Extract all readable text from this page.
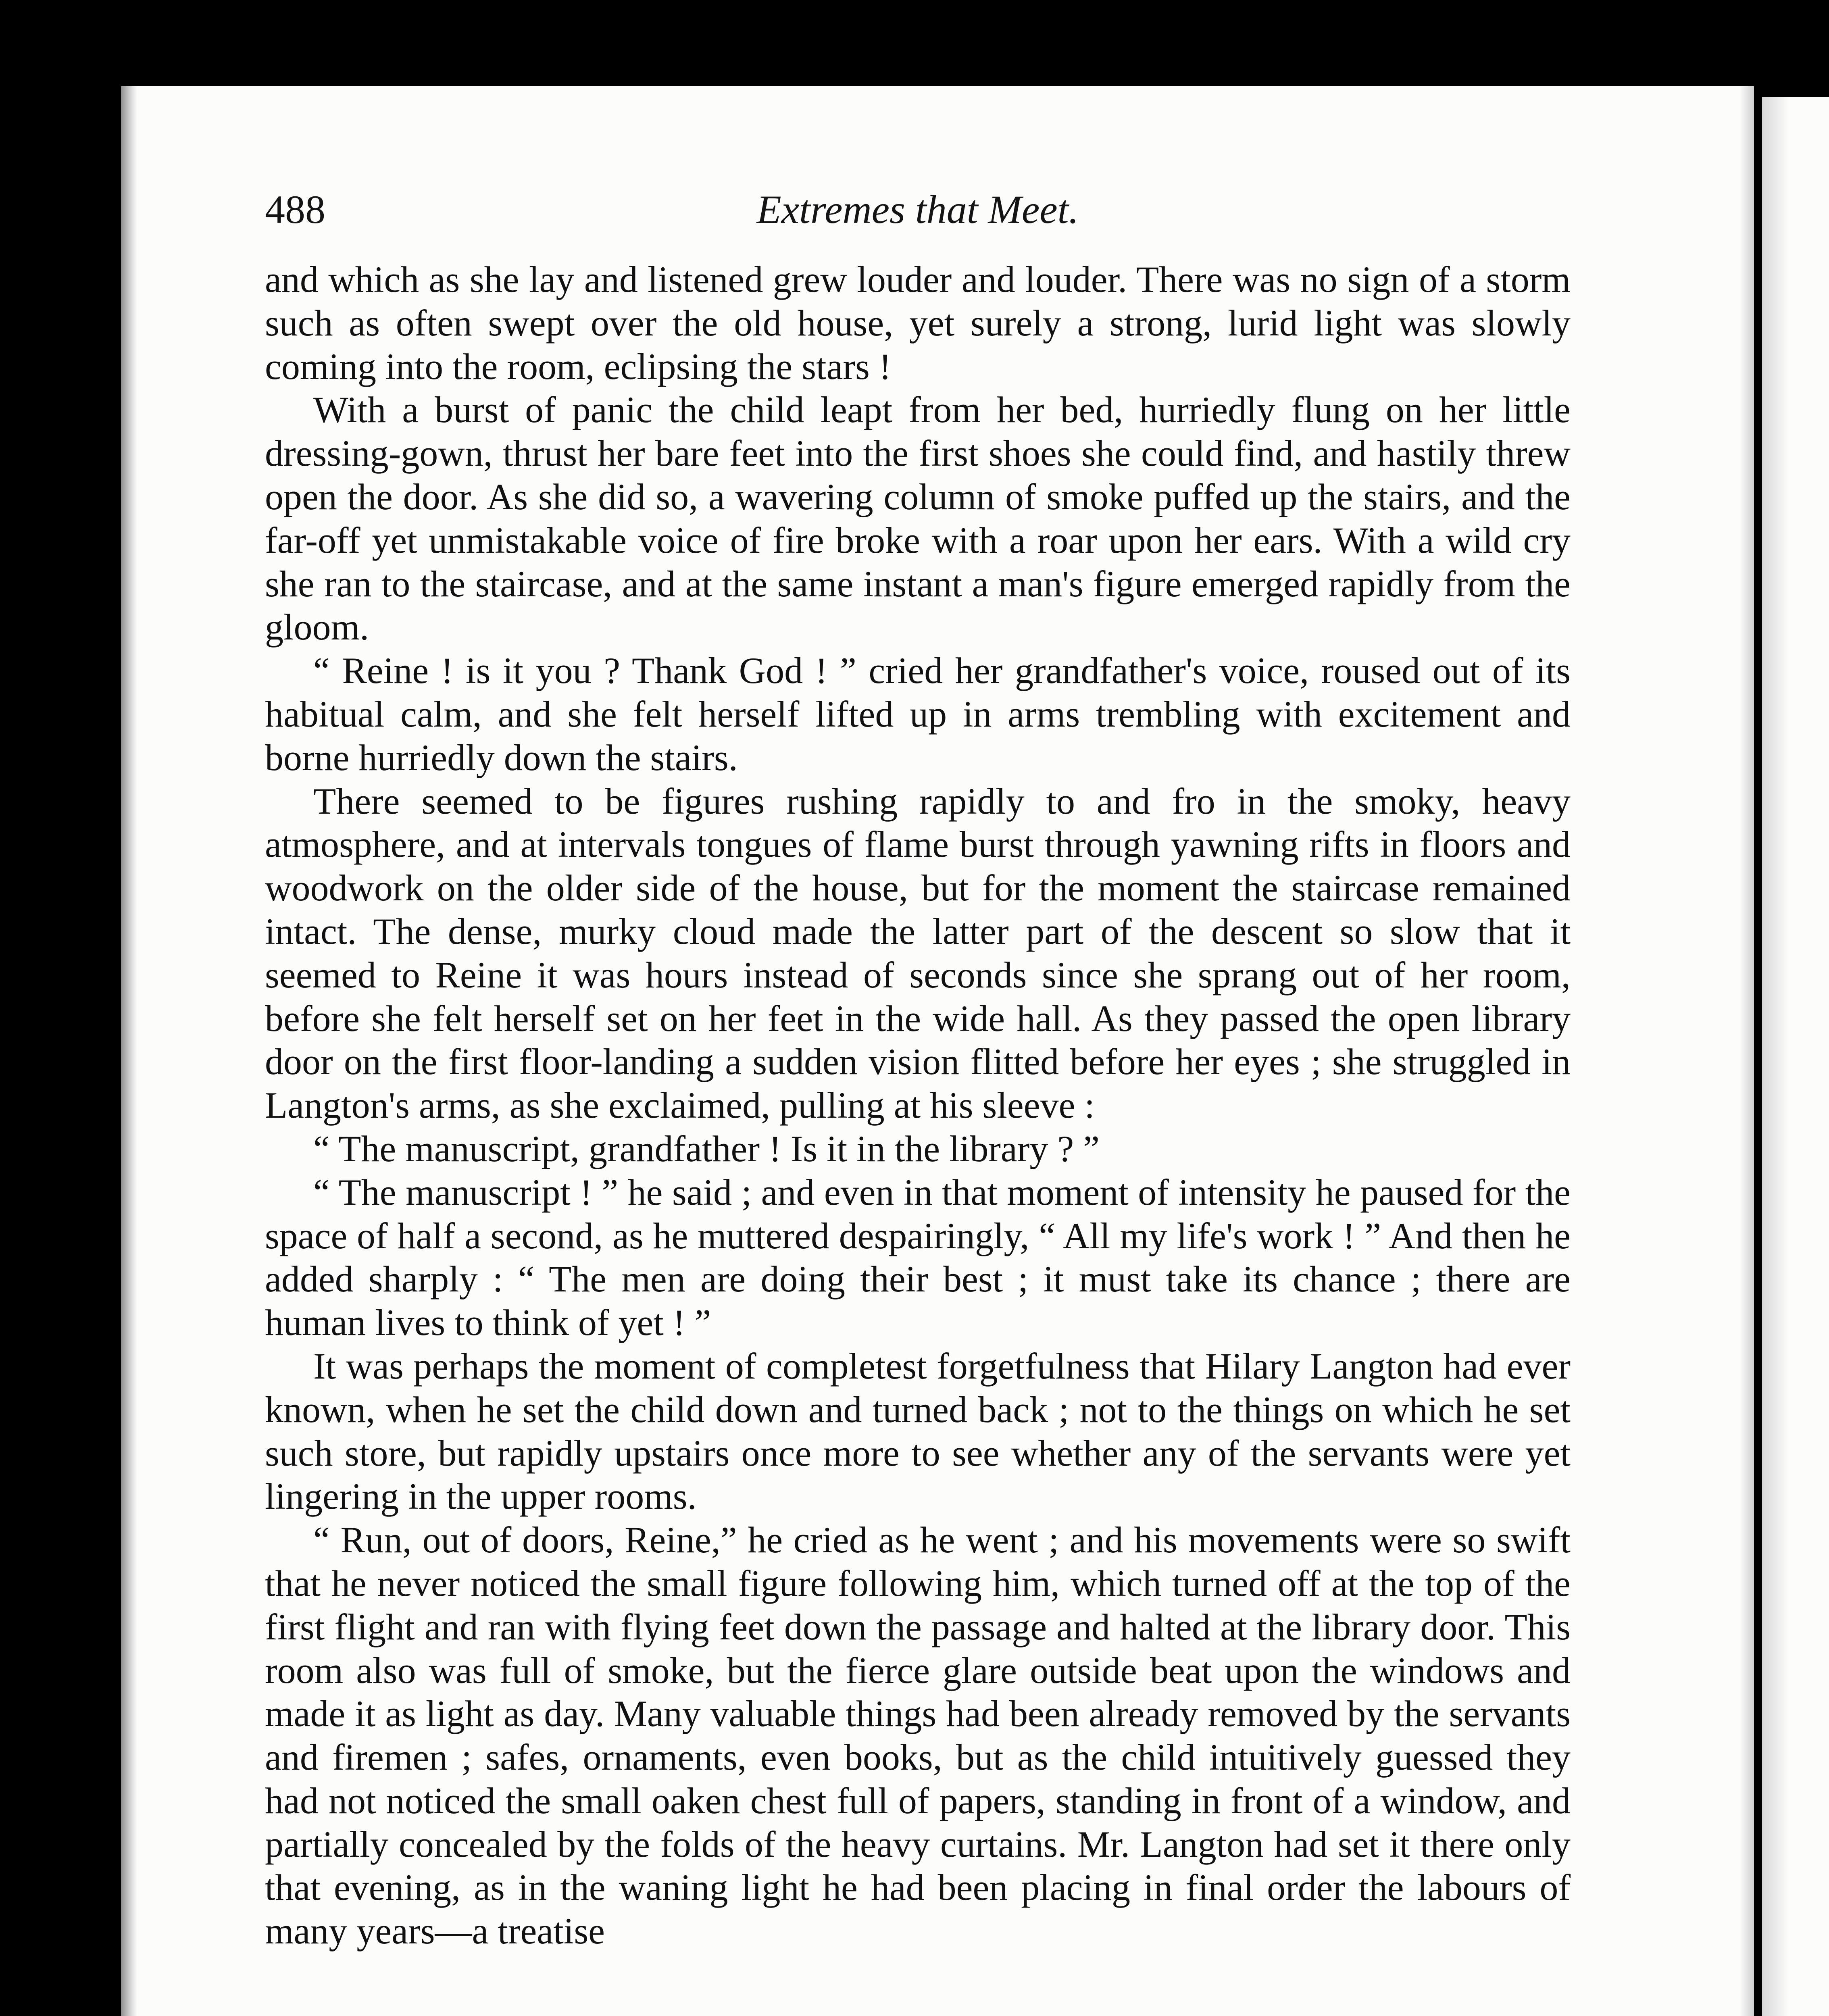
488	Extremes that Meet.

and which as she lay and listened grew louder and louder. There was no sign of a storm such as often swept over the old house, yet surely a strong, lurid light was slowly coming into the room, eclipsing the stars !

With a burst of panic the child leapt from her bed, hurriedly flung on her little dressing-gown, thrust her bare feet into the first shoes she could find, and hastily threw open the door. As she did so, a wavering column of smoke puffed up the stairs, and the far-off yet unmistakable voice of fire broke with a roar upon her ears. With a wild cry she ran to the staircase, and at the same instant a man's figure emerged rapidly from the gloom.

“ Reine ! is it you ? Thank God ! ” cried her grandfather's voice, roused out of its habitual calm, and she felt herself lifted up in arms trembling with excitement and borne hurriedly down the stairs.

There seemed to be figures rushing rapidly to and fro in the smoky, heavy atmosphere, and at intervals tongues of flame burst through yawning rifts in floors and woodwork on the older side of the house, but for the moment the staircase remained intact. The dense, murky cloud made the latter part of the descent so slow that it seemed to Reine it was hours instead of seconds since she sprang out of her room, before she felt herself set on her feet in the wide hall. As they passed the open library door on the first floor-landing a sudden vision flitted before her eyes ; she struggled in Langton's arms, as she exclaimed, pulling at his sleeve :

“ The manuscript, grandfather ! Is it in the library ? ”

“ The manuscript ! ” he said ; and even in that moment of intensity he paused for the space of half a second, as he muttered despairingly, “ All my life's work ! ” And then he added sharply : “ The men are doing their best ; it must take its chance ; there are human lives to think of yet ! ”

It was perhaps the moment of completest forgetfulness that Hilary Langton had ever known, when he set the child down and turned back ; not to the things on which he set such store, but rapidly upstairs once more to see whether any of the servants were yet lingering in the upper rooms.

“ Run, out of doors, Reine,” he cried as he went ; and his movements were so swift that he never noticed the small figure following him, which turned off at the top of the first flight and ran with flying feet down the passage and halted at the library door. This room also was full of smoke, but the fierce glare outside beat upon the windows and made it as light as day. Many valuable things had been already removed by the servants and firemen ; safes, ornaments, even books, but as the child intuitively guessed they had not noticed the small oaken chest full of papers, standing in front of a window, and partially concealed by the folds of the heavy curtains. Mr. Langton had set it there only that evening, as in the waning light he had been placing in final order the labours of many years—a treatise
